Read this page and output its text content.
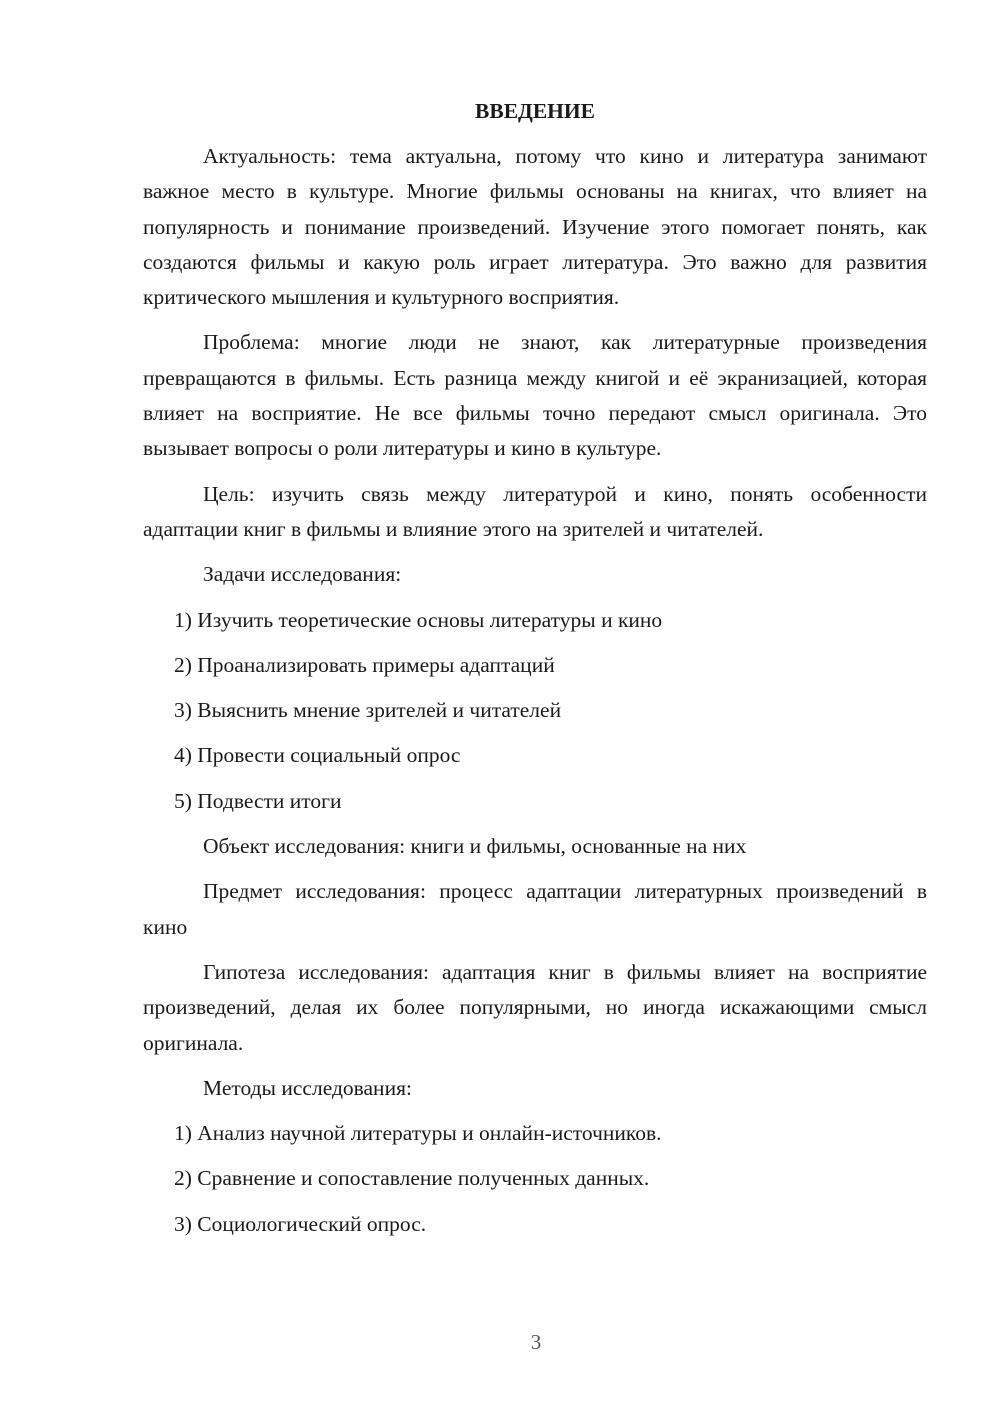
ВВЕДЕНИЕ
Актуальность: тема актуальна, потому что кино и литература занимают важное место в культуре. Многие фильмы основаны на книгах, что влияет на популярность и понимание произведений. Изучение этого помогает понять, как создаются фильмы и какую роль играет литература. Это важно для развития критического мышления и культурного восприятия.
Проблема: многие люди не знают, как литературные произведения превращаются в фильмы. Есть разница между книгой и её экранизацией, которая влияет на восприятие. Не все фильмы точно передают смысл оригинала. Это вызывает вопросы о роли литературы и кино в культуре.
Цель: изучить связь между литературой и кино, понять особенности адаптации книг в фильмы и влияние этого на зрителей и читателей.
Задачи исследования:
1) Изучить теоретические основы литературы и кино
2) Проанализировать примеры адаптаций
3) Выяснить мнение зрителей и читателей
4) Провести социальный опрос
5) Подвести итоги
Объект исследования: книги и фильмы, основанные на них
Предмет исследования: процесс адаптации литературных произведений в кино
Гипотеза исследования: адаптация книг в фильмы влияет на восприятие произведений, делая их более популярными, но иногда искажающими смысл оригинала.
Методы исследования:
1) Анализ научной литературы и онлайн-источников.
2) Сравнение и сопоставление полученных данных.
3) Социологический опрос.
3
